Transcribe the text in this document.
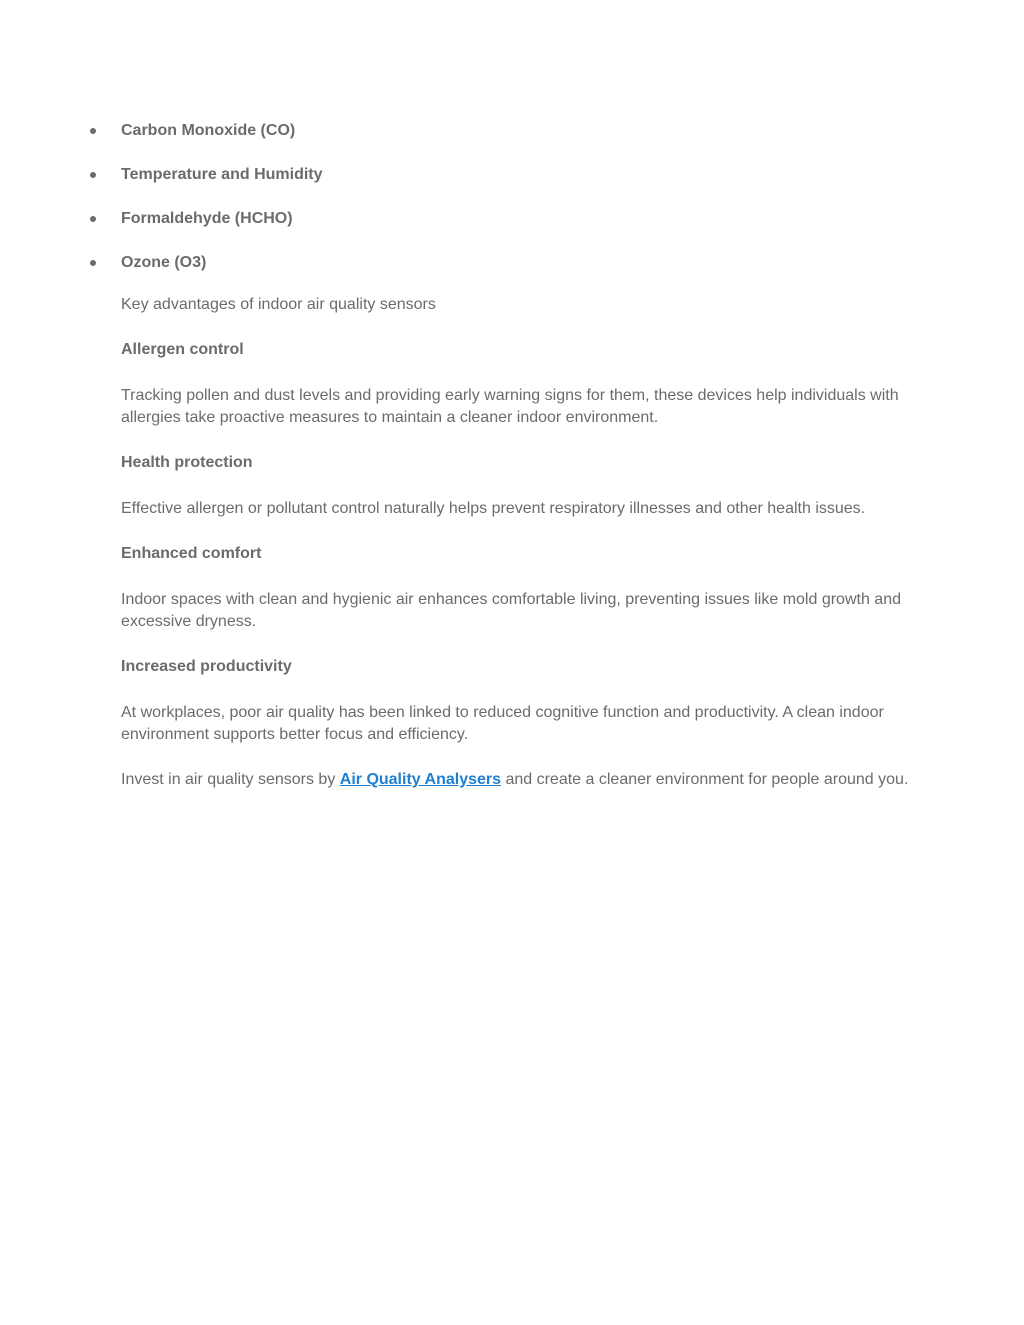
Carbon Monoxide (CO)
Temperature and Humidity
Formaldehyde (HCHO)
Ozone (O3)

Key advantages of indoor air quality sensors

Allergen control

Tracking pollen and dust levels and providing early warning signs for them, these devices help individuals with allergies take proactive measures to maintain a cleaner indoor environment.

Health protection

Effective allergen or pollutant control naturally helps prevent respiratory illnesses and other health issues.

Enhanced comfort

Indoor spaces with clean and hygienic air enhances comfortable living, preventing issues like mold growth and excessive dryness.

Increased productivity

At workplaces, poor air quality has been linked to reduced cognitive function and productivity. A clean indoor environment supports better focus and efficiency.

Invest in air quality sensors by Air Quality Analysers and create a cleaner environment for people around you.
